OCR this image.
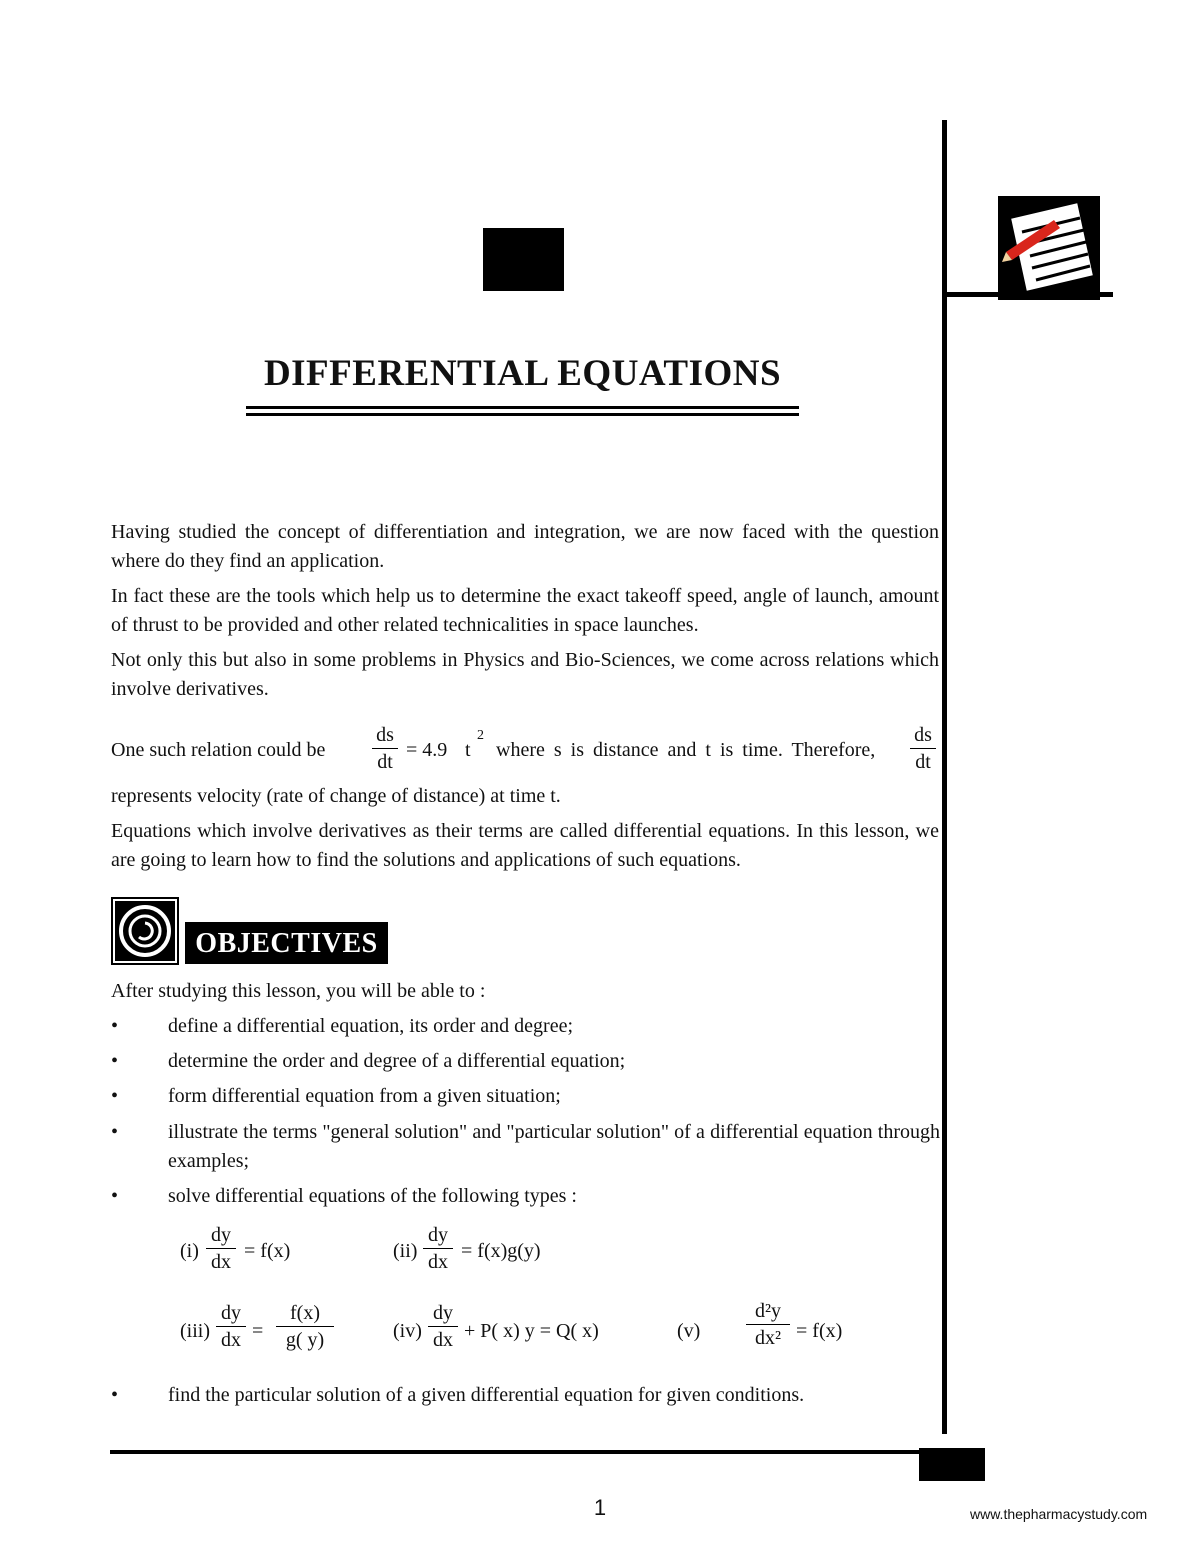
DIFFERENTIAL EQUATIONS
Having studied the concept of differentiation and integration, we are now faced with the question where do they find an application.
In fact these are the tools which help us to determine the exact takeoff speed, angle of launch, amount of thrust to be provided and other related technicalities in space launches.
Not only this but also in some problems in Physics and Bio-Sciences, we come across relations which involve derivatives.
One such relation could be
ds
dt
= 4.9 t
2
where s is distance and t is time. Therefore,
ds
dt
represents velocity (rate of change of distance) at time t.
Equations which involve derivatives as their terms are called differential equations. In this lesson, we are going to learn how to find the solutions and applications of such equations.
OBJECTIVES
After studying this lesson, you will be able to :
•	define a differential equation, its order and degree;
•	determine the order and degree of a differential equation;
•	form differential equation from a given situation;
•	illustrate the terms "general solution" and "particular solution" of a differential equation through examples;
•	solve differential equations of the following types :
•	find the particular solution of a given differential equation for given conditions.
(i)
dy
dx = f(x)	(ii)
dy
dx = f(x)g(y)
(iii)
dy
dx =
f(x)
g( y)	(iv)
dy
dx + P( x) y = Q( x)	(v)
d²y
dx² = f(x)
1	www.thepharmacystudy.com
